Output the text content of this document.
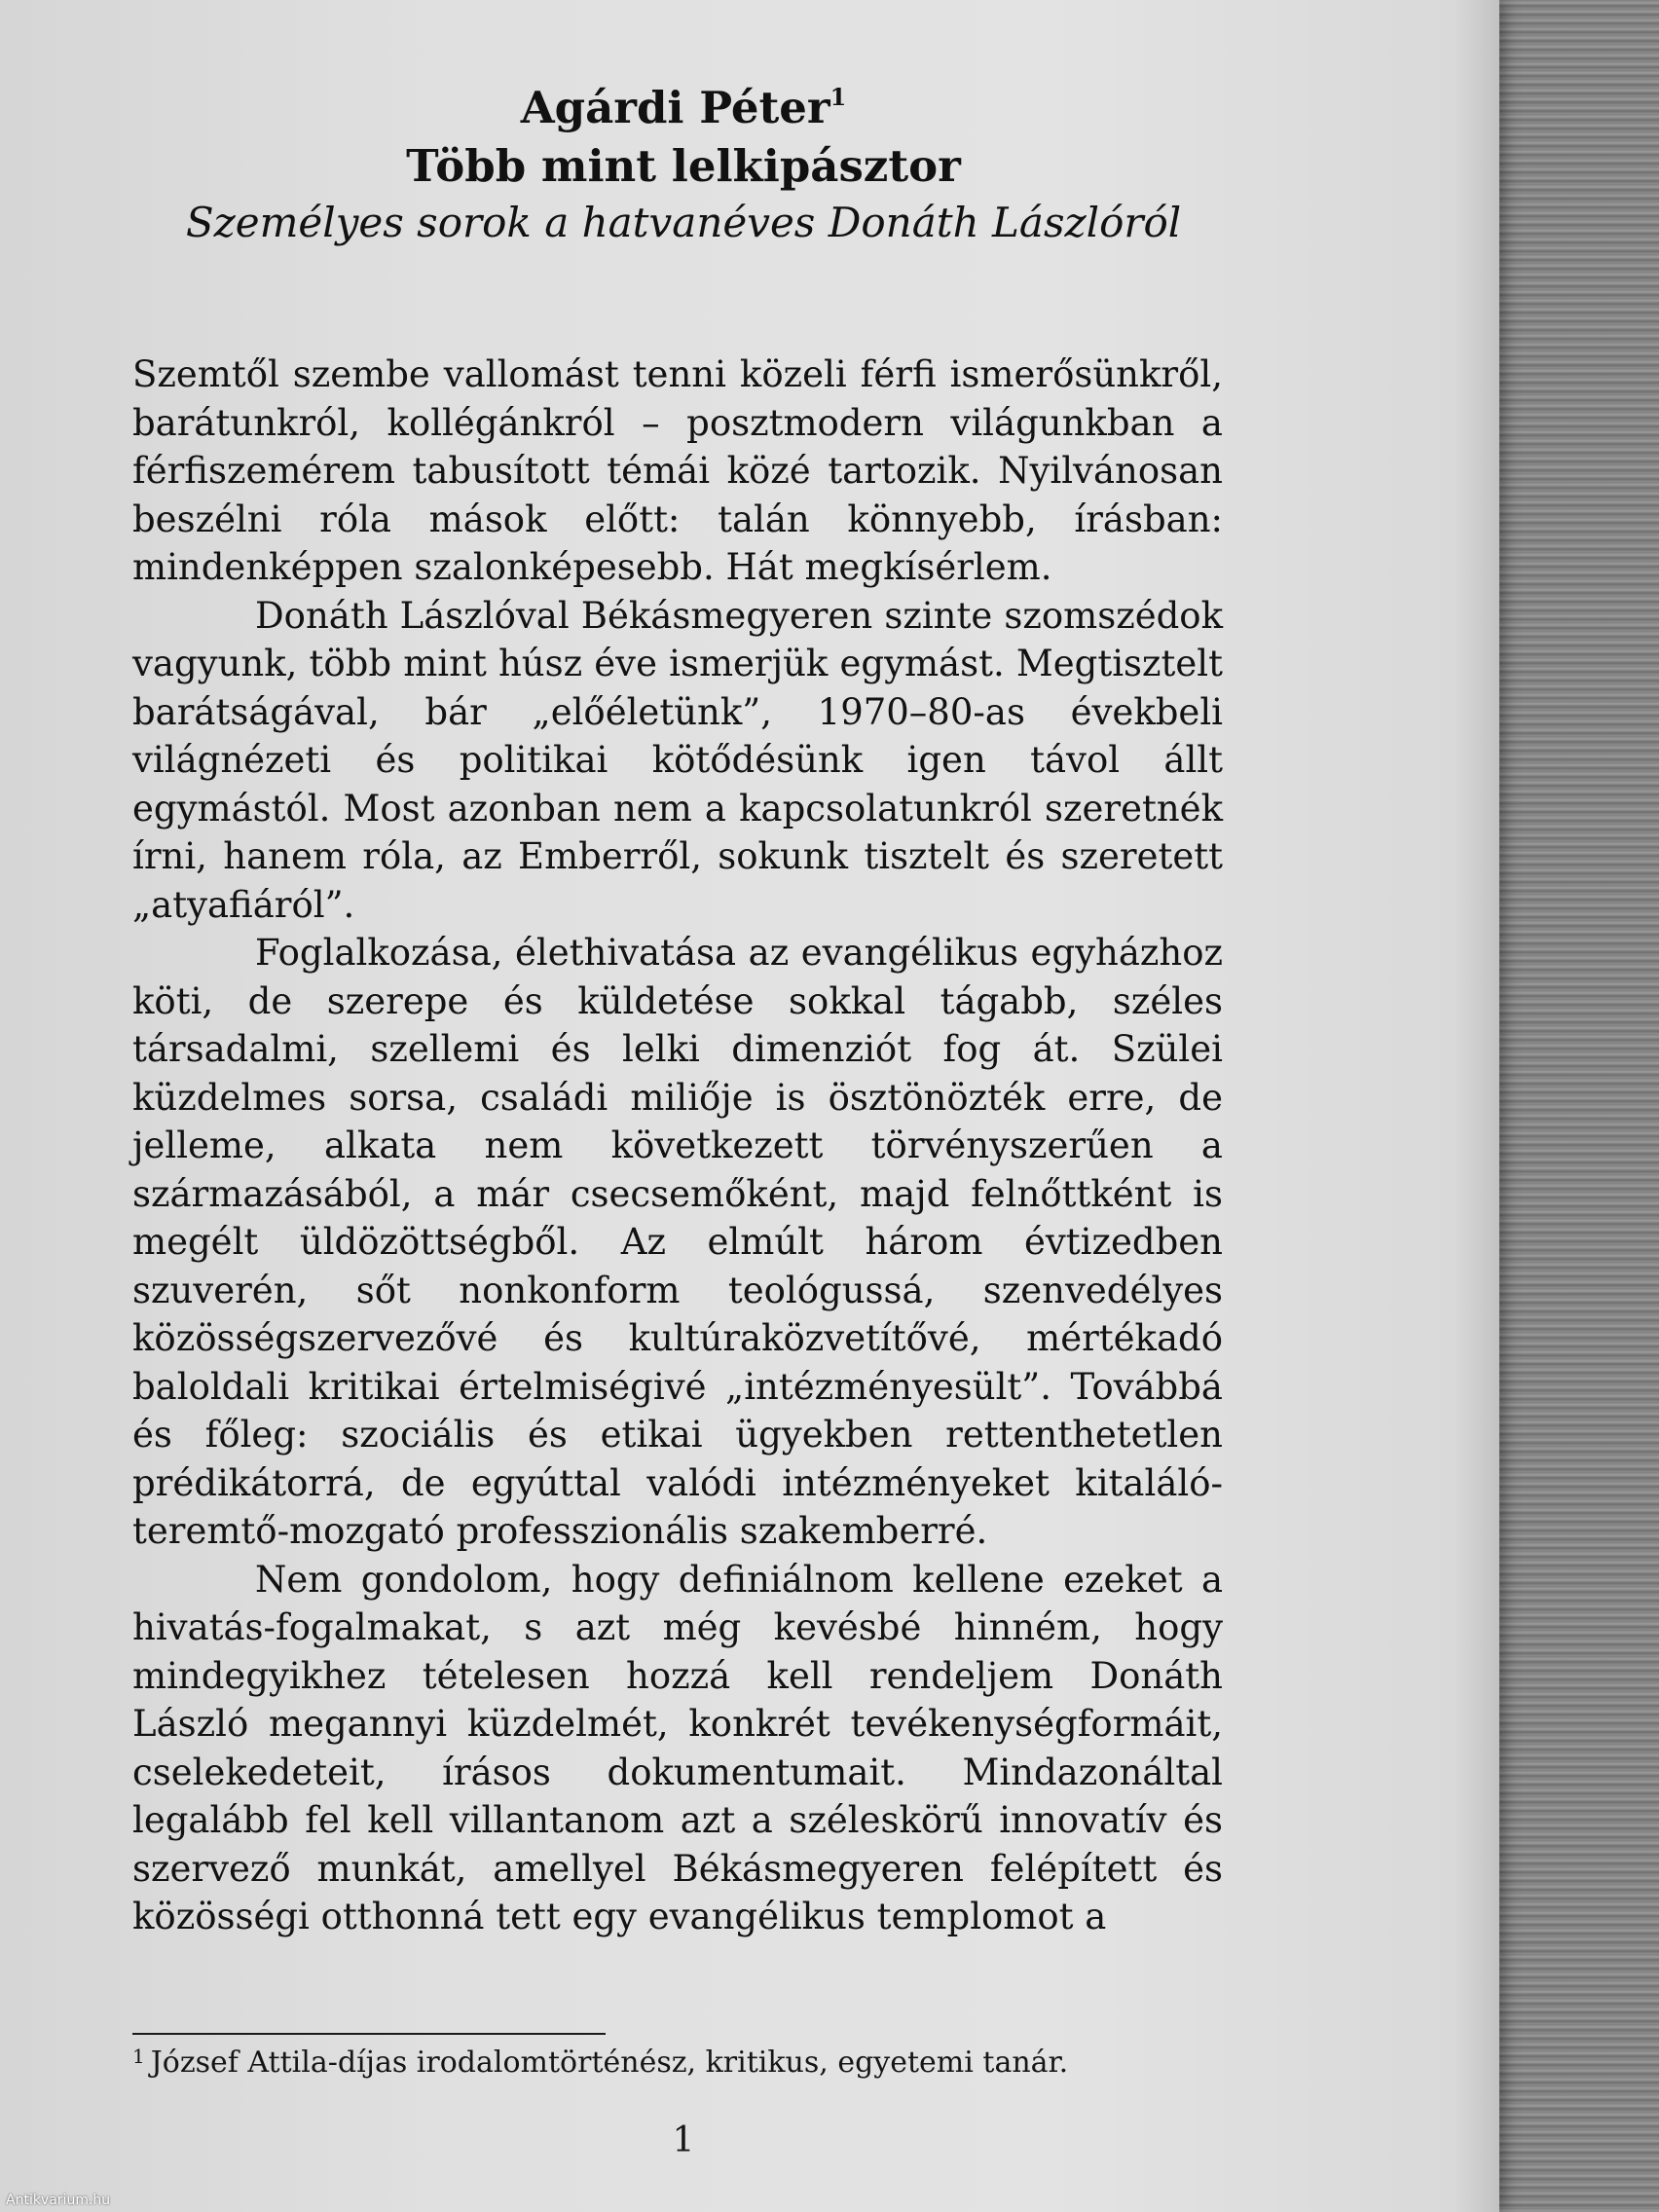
Agárdi Péter$^1$
Több mint lelkipásztor
Személyes sorok a hatvanéves Donáth Lászlóról

Szemtől szembe vallomást tenni közeli férfi ismerősünkről, barátunkról, kollégánkról – posztmodern világunkban a férfiszemérem tabusított témái közé tartozik. Nyilvánosan beszélni róla mások előtt: talán könnyebb, írásban: mindenképpen szalonképesebb. Hát megkísérlem.

Donáth Lászlóval Békásmegyeren szinte szomszédok vagyunk, több mint húsz éve ismerjük egymást. Megtisztelt barátságával, bár „előéletünk”, 1970–80-as évekbeli világnézeti és politikai kötődésünk igen távol állt egymástól. Most azonban nem a kapcsolatunkról szeretnék írni, hanem róla, az Emberről, sokunk tisztelt és szeretett „atyafiáról”.

Foglalkozása, élethivatása az evangélikus egyházhoz köti, de szerepe és küldetése sokkal tágabb, széles társadalmi, szellemi és lelki dimenziót fog át. Szülei küzdelmes sorsa, családi miliője is ösztönözték erre, de jelleme, alkata nem következett törvényszerűen a származásából, a már csecsemőként, majd felnőttként is megélt üldözöttségből. Az elmúlt három évtizedben szuverén, sőt nonkonform teológussá, szenvedélyes közösségszervezővé és kultúraközvetítővé, mértékadó baloldali kritikai értelmiségivé „intézményesült”. Továbbá és főleg: szociális és etikai ügyekben rettenthetetlen prédikátorrá, de egyúttal valódi intézményeket kitaláló-teremtő-mozgató professzionális szakemberré.

Nem gondolom, hogy definiálnom kellene ezeket a hivatás-fogalmakat, s azt még kevésbé hinném, hogy mindegyikhez tételesen hozzá kell rendeljem Donáth László megannyi küzdelmét, konkrét tevékenységformáit, cselekedeteit, írásos dokumentumait. Mindazonáltal legalább fel kell villantanom azt a széleskörű innovatív és szervező munkát, amellyel Békásmegyeren felépített és közösségi otthonná tett egy evangélikus templomot a

$^1$ József Attila-díjas irodalomtörténész, kritikus, egyetemi tanár.
1
Antikvarium.hu
